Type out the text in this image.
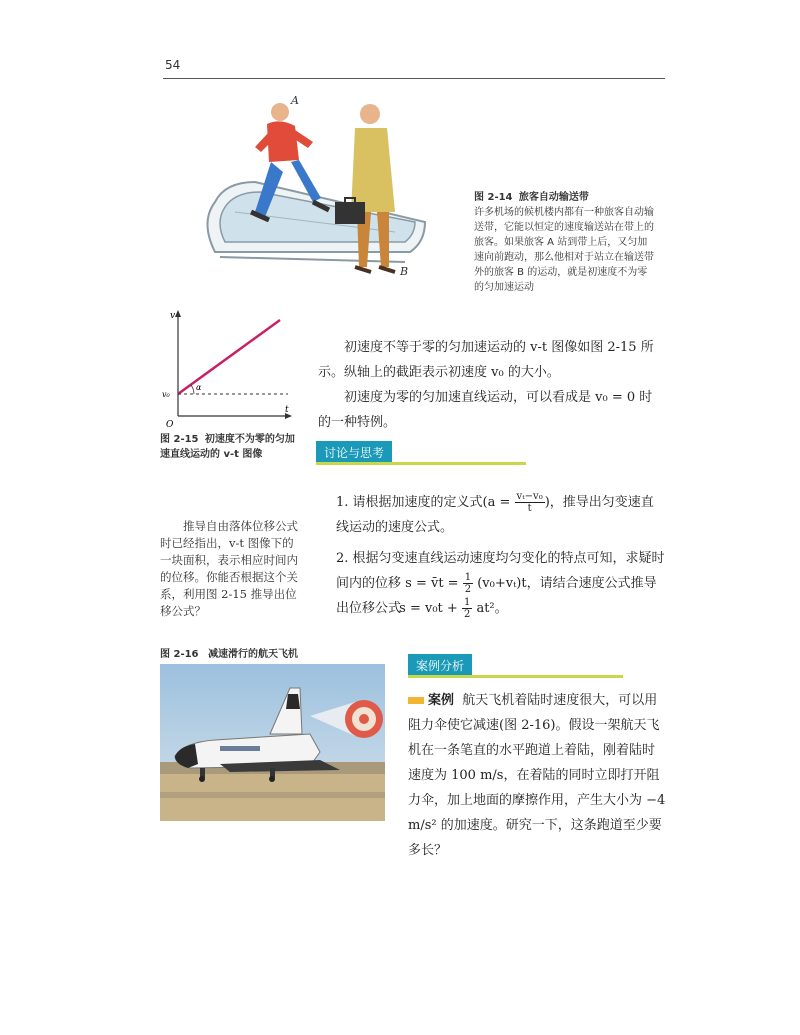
54
A
B
图 2-14 旅客自动输送带
许多机场的候机楼内都有一种旅客自动输送带，它能以恒定的速度输送站在带上的旅客。如果旅客 A 站到带上后，又匀加速向前跑动，那么他相对于站立在输送带外的旅客 B 的运动，就是初速度不为零的匀加速运动
v
t
O
v₀
α
图 2-15 初速度不为零的匀加速直线运动的 v-t 图像
初速度不等于零的匀加速运动的 v-t 图像如图 2-15 所示。纵轴上的截距表示初速度 v₀ 的大小。
初速度为零的匀加速直线运动，可以看成是 v₀ = 0 时的一种特例。
讨论与思考
推导自由落体位移公式时已经指出，v-t 图像下的一块面积，表示相应时间内的位移。你能否根据这个关系，利用图 2-15 推导出位移公式？
1. 请根据加速度的定义式($a = \frac{\text{vₜ−v₀}}{t}$ )，推导出匀变速直线运动的速度公式。
2. 根据匀变速直线运动速度均匀变化的特点可知，求疑时间内的位移 s = v̄t = $\frac{1}{2} (v_0+v_t)t$，请结合速度公式推导出位移公式 $s = v_0t + \frac{1}{2} at^2$。
图 2-16 减速滑行的航天飞机
案例分析
案例 航天飞机着陆时速度很大，可以用阻力伞使它减速(图 2-16)。假设一架航天飞机在一条笔直的水平跑道上着陆，刚着陆时速度为 100 m/s，在着陆的同时立即打开阻力伞，加上地面的摩擦作用，产生大小为 −4 m/s² 的加速度。研究一下，这条跑道至少要多长？
